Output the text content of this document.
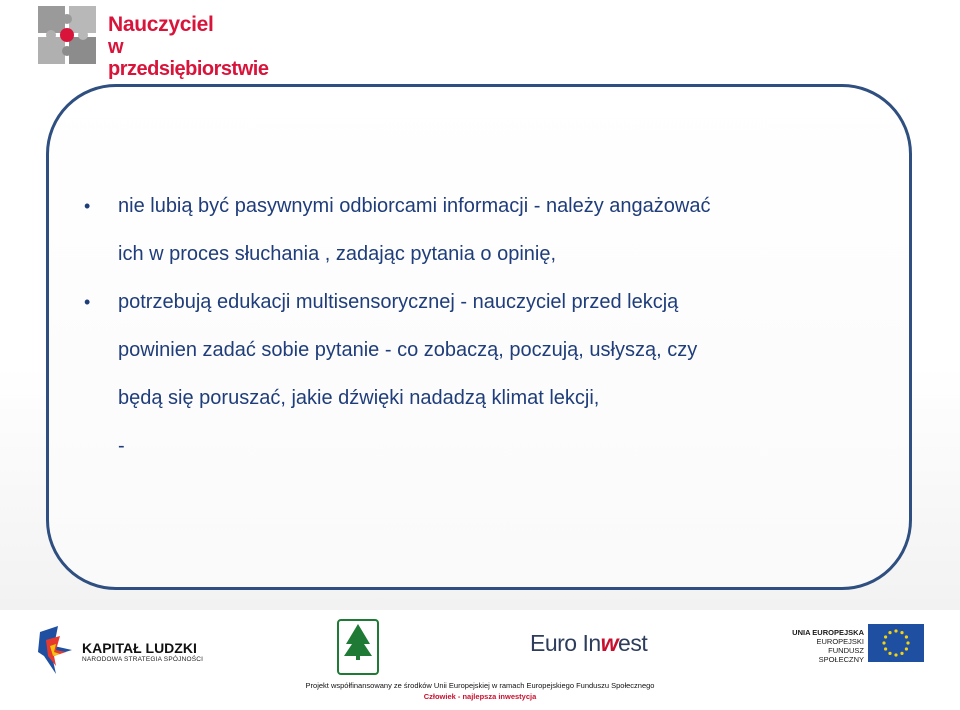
Nauczyciel
w przedsiębiorstwie
• nie lubią być pasywnymi odbiorcami informacji - należy angażować
ich w proces słuchania , zadając pytania o opinię,
• potrzebują edukacji multisensorycznej - nauczyciel przed lekcją
powinien zadać sobie pytanie - co zobaczą, poczują, usłyszą, czy
będą się poruszać, jakie dźwięki nadadzą klimat lekcji,
-
KAPITAŁ LUDZKI
NARODOWA STRATEGIA SPÓJNOŚCI
Euro Inwest	UNIA EUROPEJSKA
EUROPEJSKI
FUNDUSZ SPOŁECZNY
Projekt współfinansowany ze środków Unii Europejskiej w ramach Europejskiego Funduszu Społecznego
Człowiek - najlepsza inwestycja
